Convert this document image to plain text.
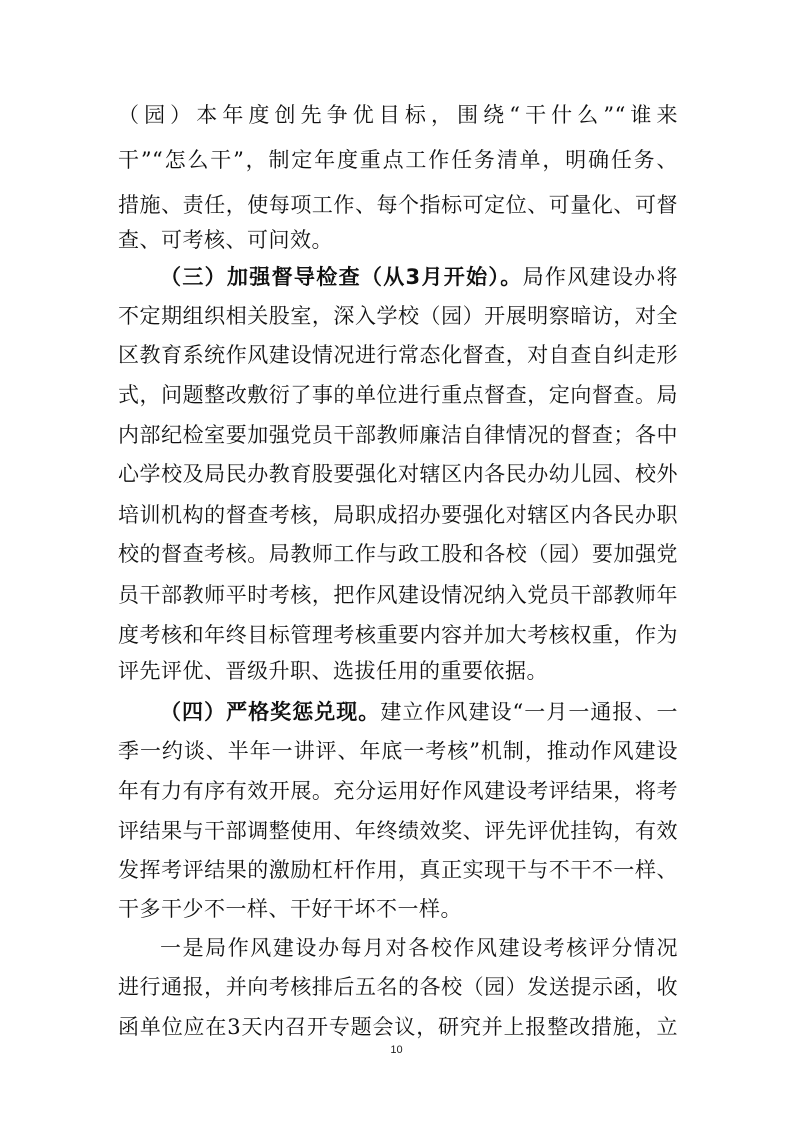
（园）本年度创先争优目标，围绕“干什么”“谁来
干”“怎么干”，制定年度重点工作任务清单，明确任务、
措施、责任，使每项工作、每个指标可定位、可量化、可督
查、可考核、可问效。
（三）加强督导检查（从3月开始）。局作风建设办将
不定期组织相关股室，深入学校（园）开展明察暗访，对全
区教育系统作风建设情况进行常态化督查，对自查自纠走形
式，问题整改敷衍了事的单位进行重点督查，定向督查。局
内部纪检室要加强党员干部教师廉洁自律情况的督查；各中
心学校及局民办教育股要强化对辖区内各民办幼儿园、校外
培训机构的督查考核，局职成招办要强化对辖区内各民办职
校的督查考核。局教师工作与政工股和各校（园）要加强党
员干部教师平时考核，把作风建设情况纳入党员干部教师年
度考核和年终目标管理考核重要内容并加大考核权重，作为
评先评优、晋级升职、选拔任用的重要依据。
（四）严格奖惩兑现。建立作风建设“一月一通报、一
季一约谈、半年一讲评、年底一考核”机制，推动作风建设
年有力有序有效开展。充分运用好作风建设考评结果，将考
评结果与干部调整使用、年终绩效奖、评先评优挂钩，有效
发挥考评结果的激励杠杆作用，真正实现干与不干不一样、
干多干少不一样、干好干坏不一样。
一是局作风建设办每月对各校作风建设考核评分情况
进行通报，并向考核排后五名的各校（园）发送提示函，收
函单位应在3天内召开专题会议，研究并上报整改措施，立
10
